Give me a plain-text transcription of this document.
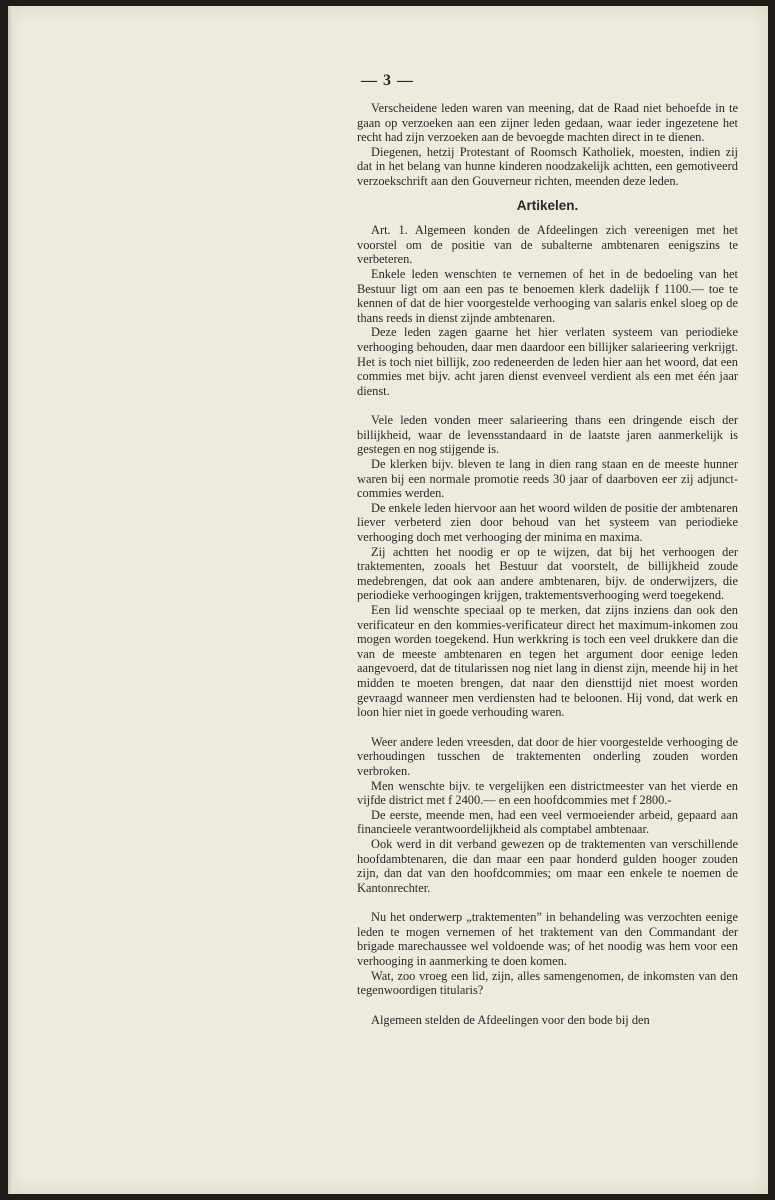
— 3 —

Verscheidene leden waren van meening, dat de Raad niet behoefde in te gaan op verzoeken aan een zijner leden gedaan, waar ieder ingezetene het recht had zijn verzoeken aan de bevoegde machten direct in te dienen.

Diegenen, hetzij Protestant of Roomsch Katholiek, moesten, indien zij dat in het belang van hunne kinderen noodzakelijk achtten, een gemotiveerd verzoekschrift aan den Gouverneur richten, meenden deze leden.

Artikelen.

Art. 1. Algemeen konden de Afdeelingen zich vereenigen met het voorstel om de positie van de subalterne ambtenaren eenigszins te verbeteren.

Enkele leden wenschten te vernemen of het in de bedoeling van het Bestuur ligt om aan een pas te benoemen klerk dadelijk f 1100.— toe te kennen of dat de hier voorgestelde verhooging van salaris enkel sloeg op de thans reeds in dienst zijnde ambtenaren.

Deze leden zagen gaarne het hier verlaten systeem van periodieke verhooging behouden, daar men daardoor een billijker salarieering verkrijgt. Het is toch niet billijk, zoo redeneerden de leden hier aan het woord, dat een commies met bijv. acht jaren dienst evenveel verdient als een met één jaar dienst.

Vele leden vonden meer salarieering thans een dringende eisch der billijkheid, waar de levensstandaard in de laatste jaren aanmerkelijk is gestegen en nog stijgende is.

De klerken bijv. bleven te lang in dien rang staan en de meeste hunner waren bij een normale promotie reeds 30 jaar of daarboven eer zij adjunct-commies werden.

De enkele leden hiervoor aan het woord wilden de positie der ambtenaren liever verbeterd zien door behoud van het systeem van periodieke verhooging doch met verhooging der minima en maxima.

Zij achtten het noodig er op te wijzen, dat bij het verhoogen der traktementen, zooals het Bestuur dat voorstelt, de billijkheid zoude medebrengen, dat ook aan andere ambtenaren, bijv. de onderwijzers, die periodieke verhoogingen krijgen, traktementsverhooging werd toegekend.

Een lid wenschte speciaal op te merken, dat zijns inziens dan ook den verificateur en den kommies-verificateur direct het maximum-inkomen zou mogen worden toegekend. Hun werkkring is toch een veel drukkere dan die van de meeste ambtenaren en tegen het argument door eenige leden aangevoerd, dat de titularissen nog niet lang in dienst zijn, meende hij in het midden te moeten brengen, dat naar den diensttijd niet moest worden gevraagd wanneer men verdiensten had te beloonen. Hij vond, dat werk en loon hier niet in goede verhouding waren.

Weer andere leden vreesden, dat door de hier voorgestelde verhooging de verhoudingen tusschen de traktementen onderling zouden worden verbroken.

Men wenschte bijv. te vergelijken een districtmeester van het vierde en vijfde district met f 2400.— en een hoofdcommies met f 2800.-

De eerste, meende men, had een veel vermoeiender arbeid, gepaard aan financieele verantwoordelijkheid als comptabel ambtenaar.

Ook werd in dit verband gewezen op de traktementen van verschillende hoofdambtenaren, die dan maar een paar honderd gulden hooger zouden zijn, dan dat van den hoofdcommies; om maar een enkele te noemen de Kantonrechter.

Nu het onderwerp „traktementen” in behandeling was verzochten eenige leden te mogen vernemen of het traktement van den Commandant der brigade marechaussee wel voldoende was; of het noodig was hem voor een verhooging in aanmerking te doen komen.

Wat, zoo vroeg een lid, zijn, alles samengenomen, de inkomsten van den tegenwoordigen titularis?

Algemeen stelden de Afdeelingen voor den bode bij den
